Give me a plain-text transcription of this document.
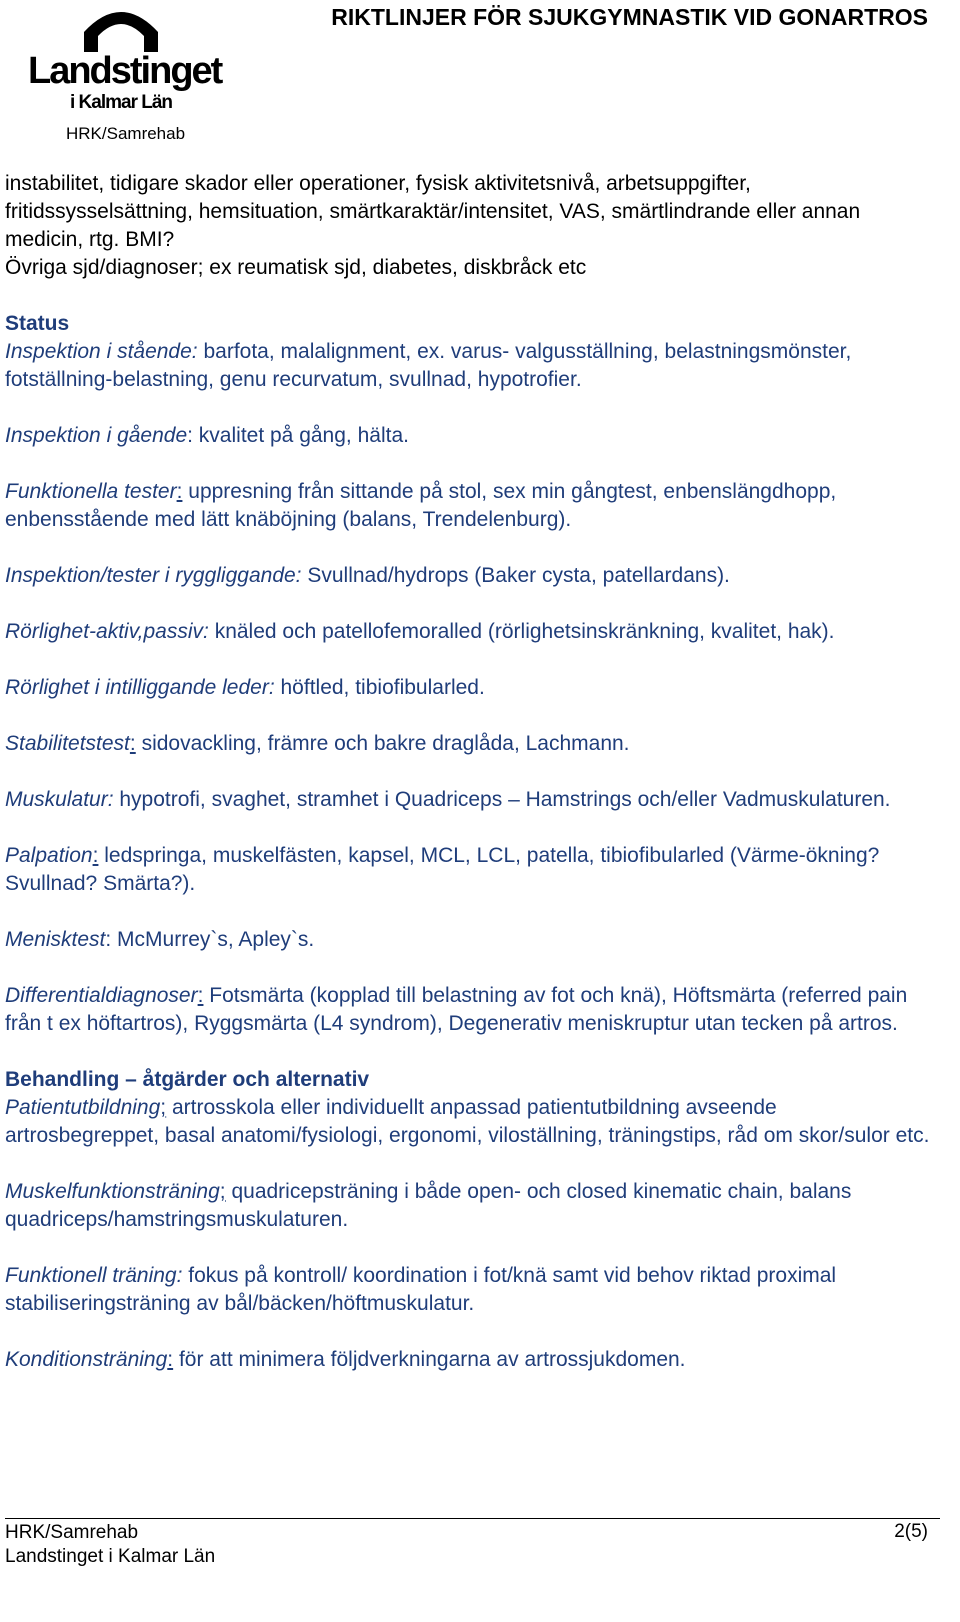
Landstinget
i Kalmar Län
RIKTLINJER FÖR SJUKGYMNASTIK VID GONARTROS
HRK/Samrehab

instabilitet, tidigare skador eller operationer, fysisk aktivitetsnivå, arbetsuppgifter, fritidssysselsättning, hemsituation, smärtkaraktär/intensitet, VAS, smärtlindrande eller annan medicin, rtg. BMI?

Övriga sjd/diagnoser; ex reumatisk sjd, diabetes, diskbråck etc

Status

Inspektion i stående: barfota, malalignment, ex. varus- valgusställning, belastningsmönster, fotställning-belastning, genu recurvatum, svullnad, hypotrofier.

Inspektion i gående: kvalitet på gång, hälta.

Funktionella tester: uppresning från sittande på stol, sex min gångtest, enbenslängdhopp, enbensstående med lätt knäböjning (balans, Trendelenburg).

Inspektion/tester i ryggliggande: Svullnad/hydrops (Baker cysta, patellardans).

Rörlighet-aktiv,passiv: knäled och patellofemoralled (rörlighetsinskränkning, kvalitet, hak).

Rörlighet i intilliggande leder: höftled, tibiofibularled.

Stabilitetstest: sidovackling, främre och bakre draglåda, Lachmann.

Muskulatur: hypotrofi, svaghet, stramhet i Quadriceps – Hamstrings och/eller Vadmuskulaturen.

Palpation: ledspringa, muskelfästen, kapsel, MCL, LCL, patella, tibiofibularled (Värme-ökning? Svullnad? Smärta?).

Menisktest: McMurrey`s, Apley`s.

Differentialdiagnoser: Fotsmärta (kopplad till belastning av fot och knä), Höftsmärta (referred pain från t ex höftartros), Ryggsmärta (L4 syndrom), Degenerativ meniskruptur utan tecken på artros.

Behandling – åtgärder och alternativ

Patientutbildning; artrosskola eller individuellt anpassad patientutbildning avseende artrosbegreppet, basal anatomi/fysiologi, ergonomi, viloställning, träningstips, råd om skor/sulor etc.

Muskelfunktionsträning; quadricepsträning i både open- och closed kinematic chain, balans quadriceps/hamstringsmuskulaturen.

Funktionell träning: fokus på kontroll/ koordination i fot/knä samt vid behov riktad proximal stabiliseringsträning av bål/bäcken/höftmuskulatur.

Konditionsträning: för att minimera följdverkningarna av artrossjukdomen.

HRK/Samrehab
Landstinget i Kalmar Län
2(5)
